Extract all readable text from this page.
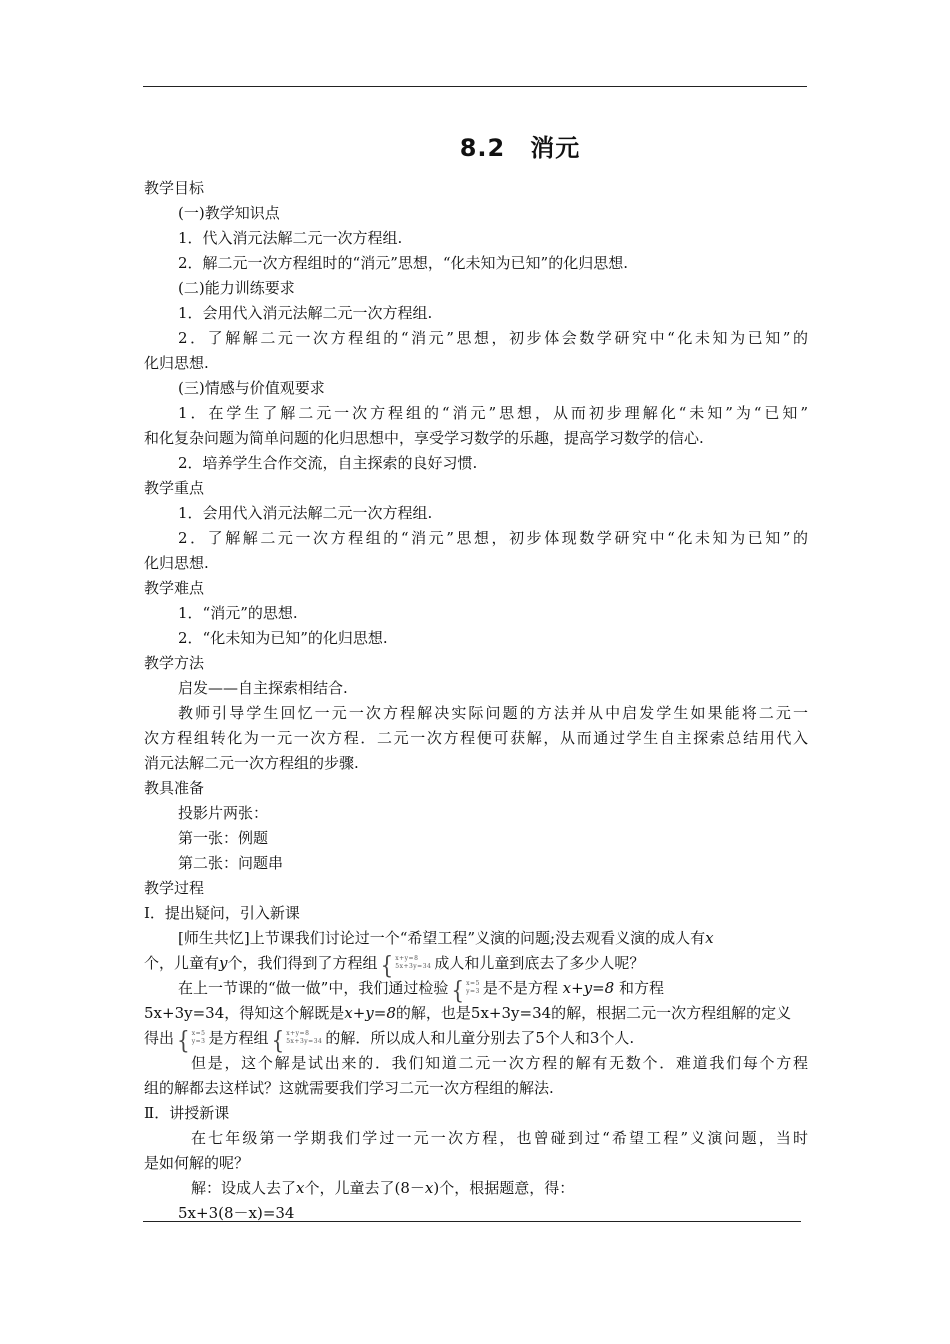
8.2　消元
教学目标
(一)教学知识点
1．代入消元法解二元一次方程组.
2．解二元一次方程组时的“消元”思想，“化未知为已知”的化归思想.
(二)能力训练要求
1．会用代入消元法解二元一次方程组.
2．了解解二元一次方程组的“消元”思想，初步体会数学研究中“化未知为已知”的
化归思想.
(三)情感与价值观要求
1．在学生了解二元一次方程组的“消元”思想，从而初步理解化“未知”为“已知”
和化复杂问题为简单问题的化归思想中，享受学习数学的乐趣，提高学习数学的信心.
2．培养学生合作交流，自主探索的良好习惯.
教学重点
1．会用代入消元法解二元一次方程组.
2．了解解二元一次方程组的“消元”思想，初步体现数学研究中“化未知为已知”的
化归思想.
教学难点
1．“消元”的思想.
2．“化未知为已知”的化归思想.
教学方法
启发——自主探索相结合.
教师引导学生回忆一元一次方程解决实际问题的方法并从中启发学生如果能将二元一
次方程组转化为一元一次方程．二元一次方程便可获解，从而通过学生自主探索总结用代入
消元法解二元一次方程组的步骤.
教具准备
投影片两张：
第一张：例题
第二张：问题串
教学过程
Ⅰ．提出疑问，引入新课
[师生共忆]上节课我们讨论过一个“希望工程”义演的问题;没去观看义演的成人有x
个，儿童有y个，我们得到了方程组 { x+y=8
5x+3y=34 成人和儿童到底去了多少人呢？
在上一节课的“做一做”中，我们通过检验 { x=5
y=3 是不是方程 x+y=8 和方程
5x+3y=34，得知这个解既是x+y=8的解，也是5x+3y=34的解，根据二元一次方程组解的定义
得出 { x=5
y=3 是方程组 { x+y=8
5x+3y=34 的解．所以成人和儿童分别去了5个人和3个人.
但是，这个解是试出来的．我们知道二元一次方程的解有无数个．难道我们每个方程
组的解都去这样试？这就需要我们学习二元一次方程组的解法.
Ⅱ．讲授新课
在七年级第一学期我们学过一元一次方程，也曾碰到过“希望工程”义演问题，当时
是如何解的呢？
解：设成人去了x个，儿童去了(8－x)个，根据题意，得：
5x+3(8－x)=34
